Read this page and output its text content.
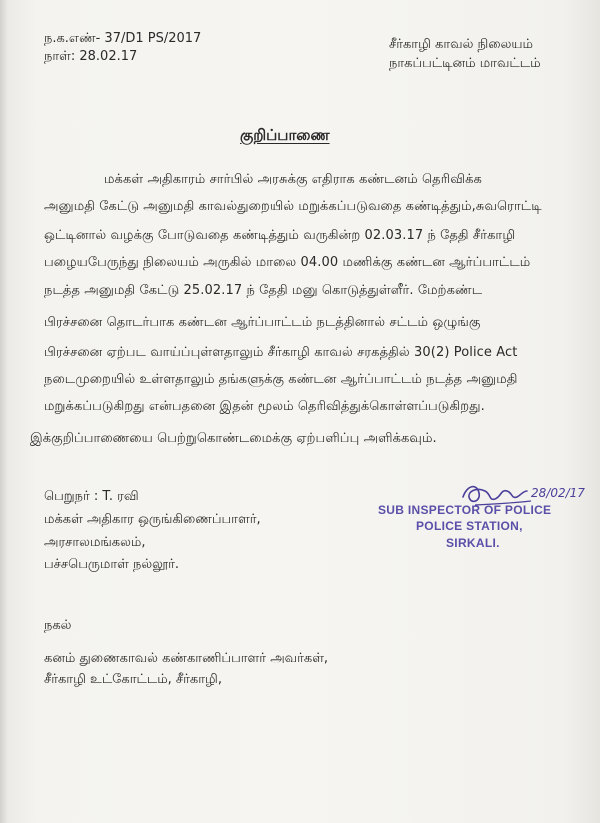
ந.க.எண்- 37/D1 PS/2017
நாள்: 28.02.17
சீர்காழி காவல் நிலையம்
நாகப்பட்டினம் மாவட்டம்
குறிப்பாணை
மக்கள் அதிகாரம் சார்பில் அரசுக்கு எதிராக கண்டனம் தெரிவிக்க
அனுமதி கேட்டு அனுமதி காவல்துறையில் மறுக்கப்படுவதை கண்டித்தும்,சுவரொட்டி
ஒட்டினால் வழக்கு போடுவதை கண்டித்தும் வருகின்ற 02.03.17 ந் தேதி சீர்காழி
பழையபேருந்து நிலையம் அருகில் மாலை 04.00 மணிக்கு கண்டன ஆர்ப்பாட்டம்
நடத்த அனுமதி கேட்டு 25.02.17 ந் தேதி மனு கொடுத்துள்ளீர். மேற்கண்ட
பிரச்சனை தொடர்பாக கண்டன ஆர்ப்பாட்டம் நடத்தினால் சட்டம் ஒழுங்கு
பிரச்சனை ஏற்பட வாய்ப்புள்ளதாலும் சீர்காழி காவல் சரகத்தில் 30(2) Police Act
நடைமுறையில் உள்ளதாலும் தங்களுக்கு கண்டன ஆர்ப்பாட்டம் நடத்த அனுமதி
மறுக்கப்படுகிறது என்பதனை இதன் மூலம் தெரிவித்துக்கொள்ளப்படுகிறது.
இக்குறிப்பாணையை பெற்றுகொண்டமைக்கு ஏற்பளிப்பு அளிக்கவும்.
பெறுநர் : T. ரவி
மக்கள் அதிகார ஒருங்கிணைப்பாளர்,
அரசாலமங்கலம்,
பச்சபெருமாள் நல்லூர்.
நகல்
கனம் துணைகாவல் கண்காணிப்பாளர் அவர்கள்,
சீர்காழி உட்கோட்டம், சீர்காழி,
28/02/17
SUB INSPECTOR OF POLICE
POLICE STATION,
SIRKALI.
